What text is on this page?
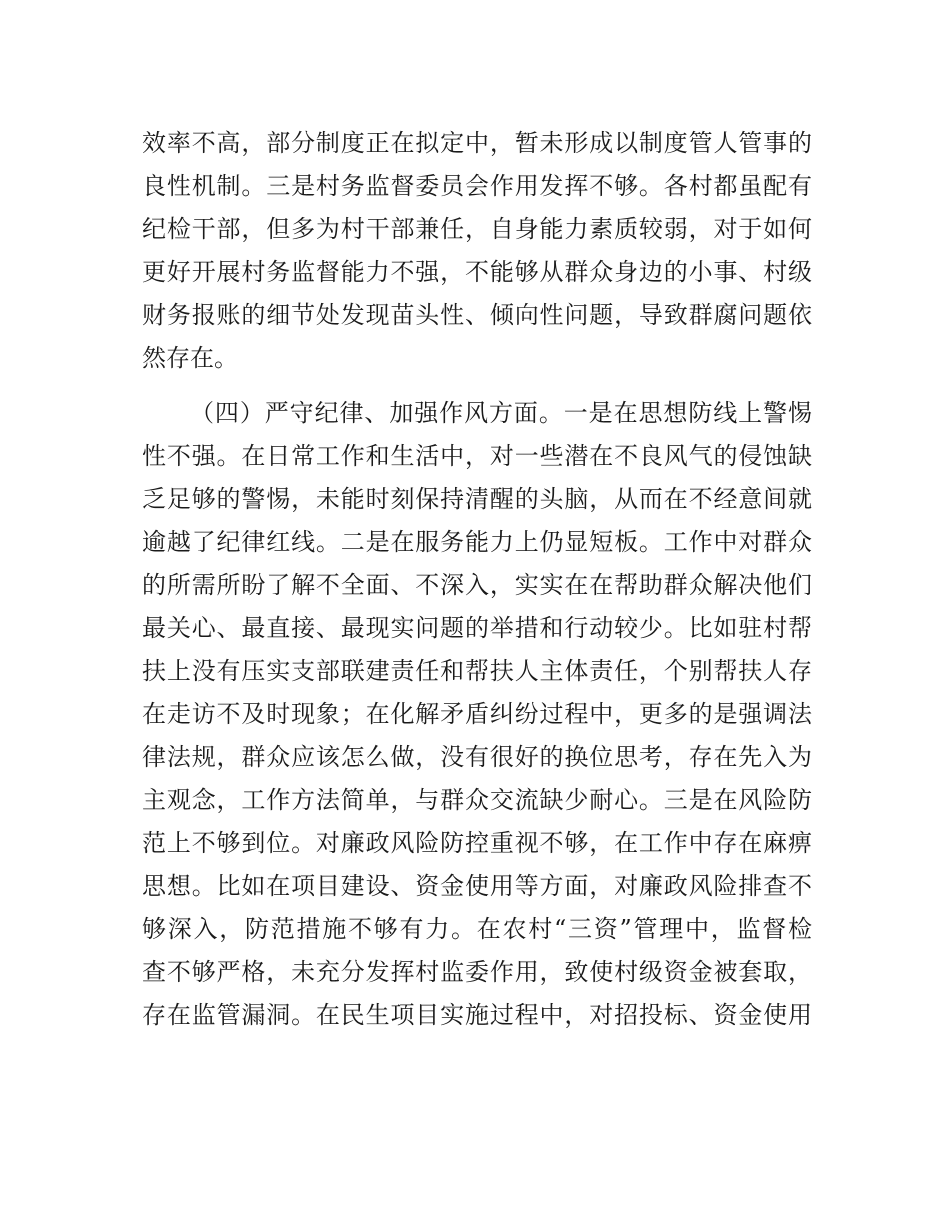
效率不高，部分制度正在拟定中，暂未形成以制度管人管事的
良性机制。三是村务监督委员会作用发挥不够。各村都虽配有
纪检干部，但多为村干部兼任，自身能力素质较弱，对于如何
更好开展村务监督能力不强，不能够从群众身边的小事、村级
财务报账的细节处发现苗头性、倾向性问题，导致群腐问题依
然存在。
（四）严守纪律、加强作风方面。一是在思想防线上警惕
性不强。在日常工作和生活中，对一些潜在不良风气的侵蚀缺
乏足够的警惕，未能时刻保持清醒的头脑，从而在不经意间就
逾越了纪律红线。二是在服务能力上仍显短板。工作中对群众
的所需所盼了解不全面、不深入，实实在在帮助群众解决他们
最关心、最直接、最现实问题的举措和行动较少。比如驻村帮
扶上没有压实支部联建责任和帮扶人主体责任，个别帮扶人存
在走访不及时现象；在化解矛盾纠纷过程中，更多的是强调法
律法规，群众应该怎么做，没有很好的换位思考，存在先入为
主观念，工作方法简单，与群众交流缺少耐心。三是在风险防
范上不够到位。对廉政风险防控重视不够，在工作中存在麻痹
思想。比如在项目建设、资金使用等方面，对廉政风险排查不
够深入，防范措施不够有力。在农村“三资”管理中，监督检
查不够严格，未充分发挥村监委作用，致使村级资金被套取，
存在监管漏洞。在民生项目实施过程中，对招投标、资金使用
